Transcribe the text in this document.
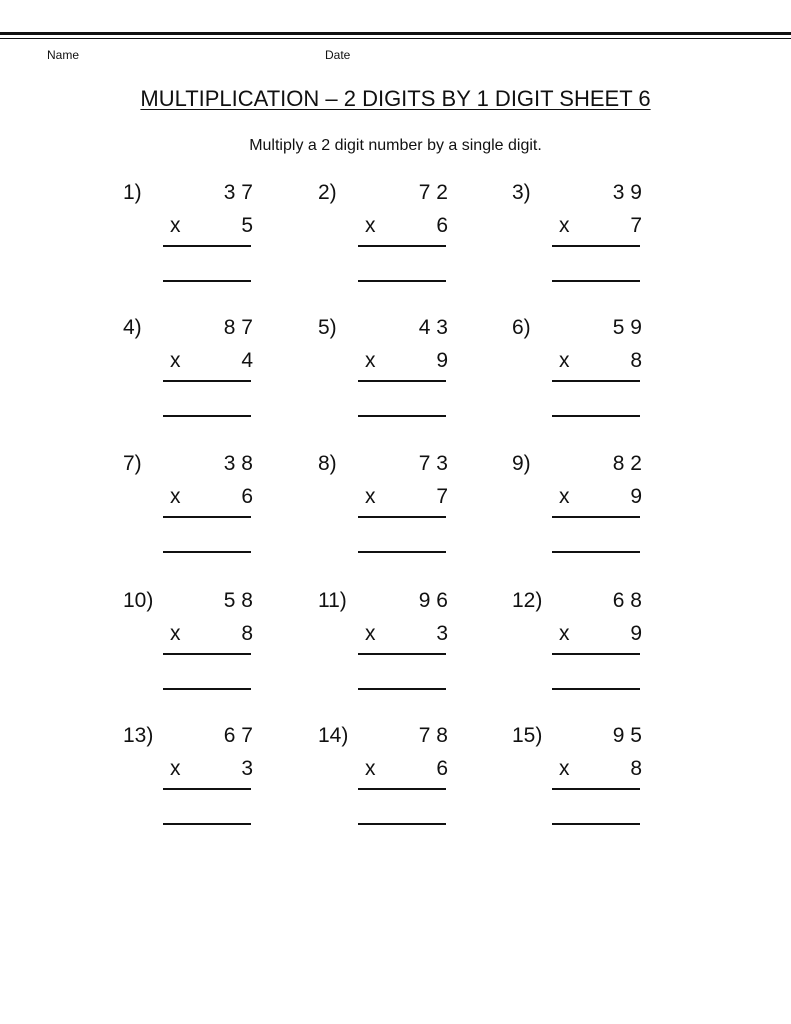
Name	Date
MULTIPLICATION – 2 DIGITS BY 1 DIGIT SHEET 6
Multiply a 2 digit number by a single digit.
1)	3 7
x	5
2)	7 2
x	6
3)	3 9
x	7
4)	8 7
x	4
5)	4 3
x	9
6)	5 9
x	8
7)	3 8
x	6
8)	7 3
x	7
9)	8 2
x	9
10)	5 8
x	8
11)	9 6
x	3
12)	6 8
x	9
13)	6 7
x	3
14)	7 8
x	6
15)	9 5
x	8
